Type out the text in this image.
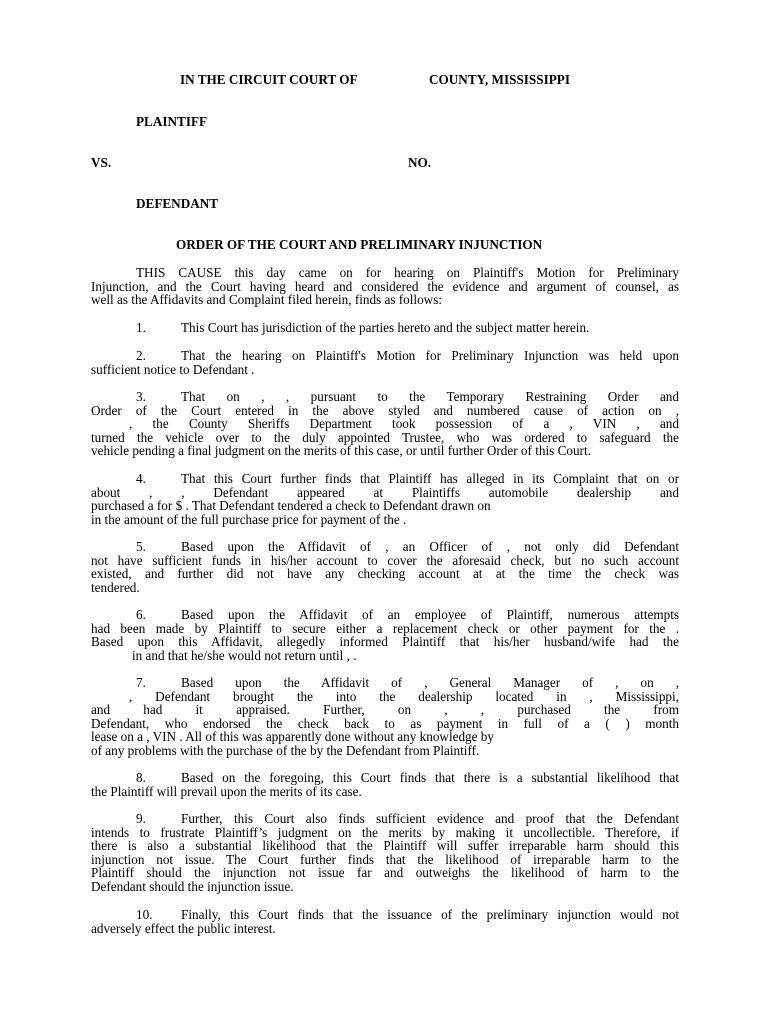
IN THE CIRCUIT COURT OF	COUNTY, MISSISSIPPI
PLAINTIFF
VS.	NO.
DEFENDANT
ORDER OF THE COURT AND PRELIMINARY INJUNCTION
THIS CAUSE this day came on for hearing on Plaintiff's Motion for Preliminary
Injunction, and the Court having heard and considered the evidence and argument of counsel, as
well as the Affidavits and Complaint filed herein, finds as follows:
1.	This Court has jurisdiction of the parties hereto and the subject matter herein.
2.	That the hearing on Plaintiff's Motion for Preliminary Injunction was held upon
sufficient notice to Defendant .
3.	That on , , pursuant to the Temporary Restraining Order and
Order of the Court entered in the above styled and numbered cause of action on ,
, the County Sheriffs Department took possession of a , VIN , and
turned the vehicle over to the duly appointed Trustee, who was ordered to safeguard the
vehicle pending a final judgment on the merits of this case, or until further Order of this Court.
4.	That this Court further finds that Plaintiff has alleged in its Complaint that on or
about , , Defendant appeared at Plaintiffs automobile dealership and
purchased a for $ . That Defendant tendered a check to Defendant drawn on
in the amount of the full purchase price for payment of the .
5.	Based upon the Affidavit of , an Officer of , not only did Defendant
not have sufficient funds in his/her account to cover the aforesaid check, but no such account
existed, and further did not have any checking account at at the time the check was
tendered.
6.	Based upon the Affidavit of an employee of Plaintiff, numerous attempts
had been made by Plaintiff to secure either a replacement check or other payment for the .
Based upon this Affidavit, allegedly informed Plaintiff that his/her husband/wife had the
in and that he/she would not return until , .
7.	Based upon the Affidavit of , General Manager of , on ,
, Defendant brought the into the dealership located in , Mississippi,
and had it appraised. Further, on , , purchased the from
Defendant, who endorsed the check back to as payment in full of a ( ) month
lease on a , VIN . All of this was apparently done without any knowledge by
of any problems with the purchase of the by the Defendant from Plaintiff.
8.	Based on the foregoing, this Court finds that there is a substantial likelihood that
the Plaintiff will prevail upon the merits of its case.
9.	Further, this Court also finds sufficient evidence and proof that the Defendant
intends to frustrate Plaintiff’s judgment on the merits by making it uncollectible. Therefore, if
there is also a substantial likelihood that the Plaintiff will suffer irreparable harm should this
injunction not issue. The Court further finds that the likelihood of irreparable harm to the
Plaintiff should the injunction not issue far and outweighs the likelihood of harm to the
Defendant should the injunction issue.
10. Finally, this Court finds that the issuance of the preliminary injunction would not
adversely effect the public interest.
